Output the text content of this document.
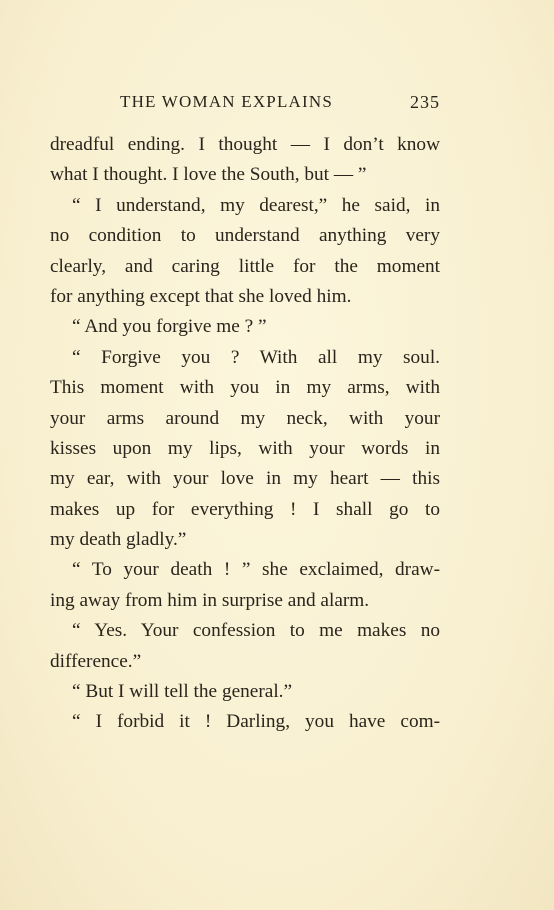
THE WOMAN EXPLAINS	235
dreadful ending. I thought — I don’t know
what I thought. I love the South, but — ”
“ I understand, my dearest,” he said, in
no condition to understand anything very
clearly, and caring little for the moment
for anything except that she loved him.
“ And you forgive me ? ”
“ Forgive you ? With all my soul.
This moment with you in my arms, with
your arms around my neck, with your
kisses upon my lips, with your words in
my ear, with your love in my heart — this
makes up for everything ! I shall go to
my death gladly.”
“ To your death ! ” she exclaimed, draw-
ing away from him in surprise and alarm.
“ Yes. Your confession to me makes no
difference.”
“ But I will tell the general.”
“ I forbid it ! Darling, you have com-
